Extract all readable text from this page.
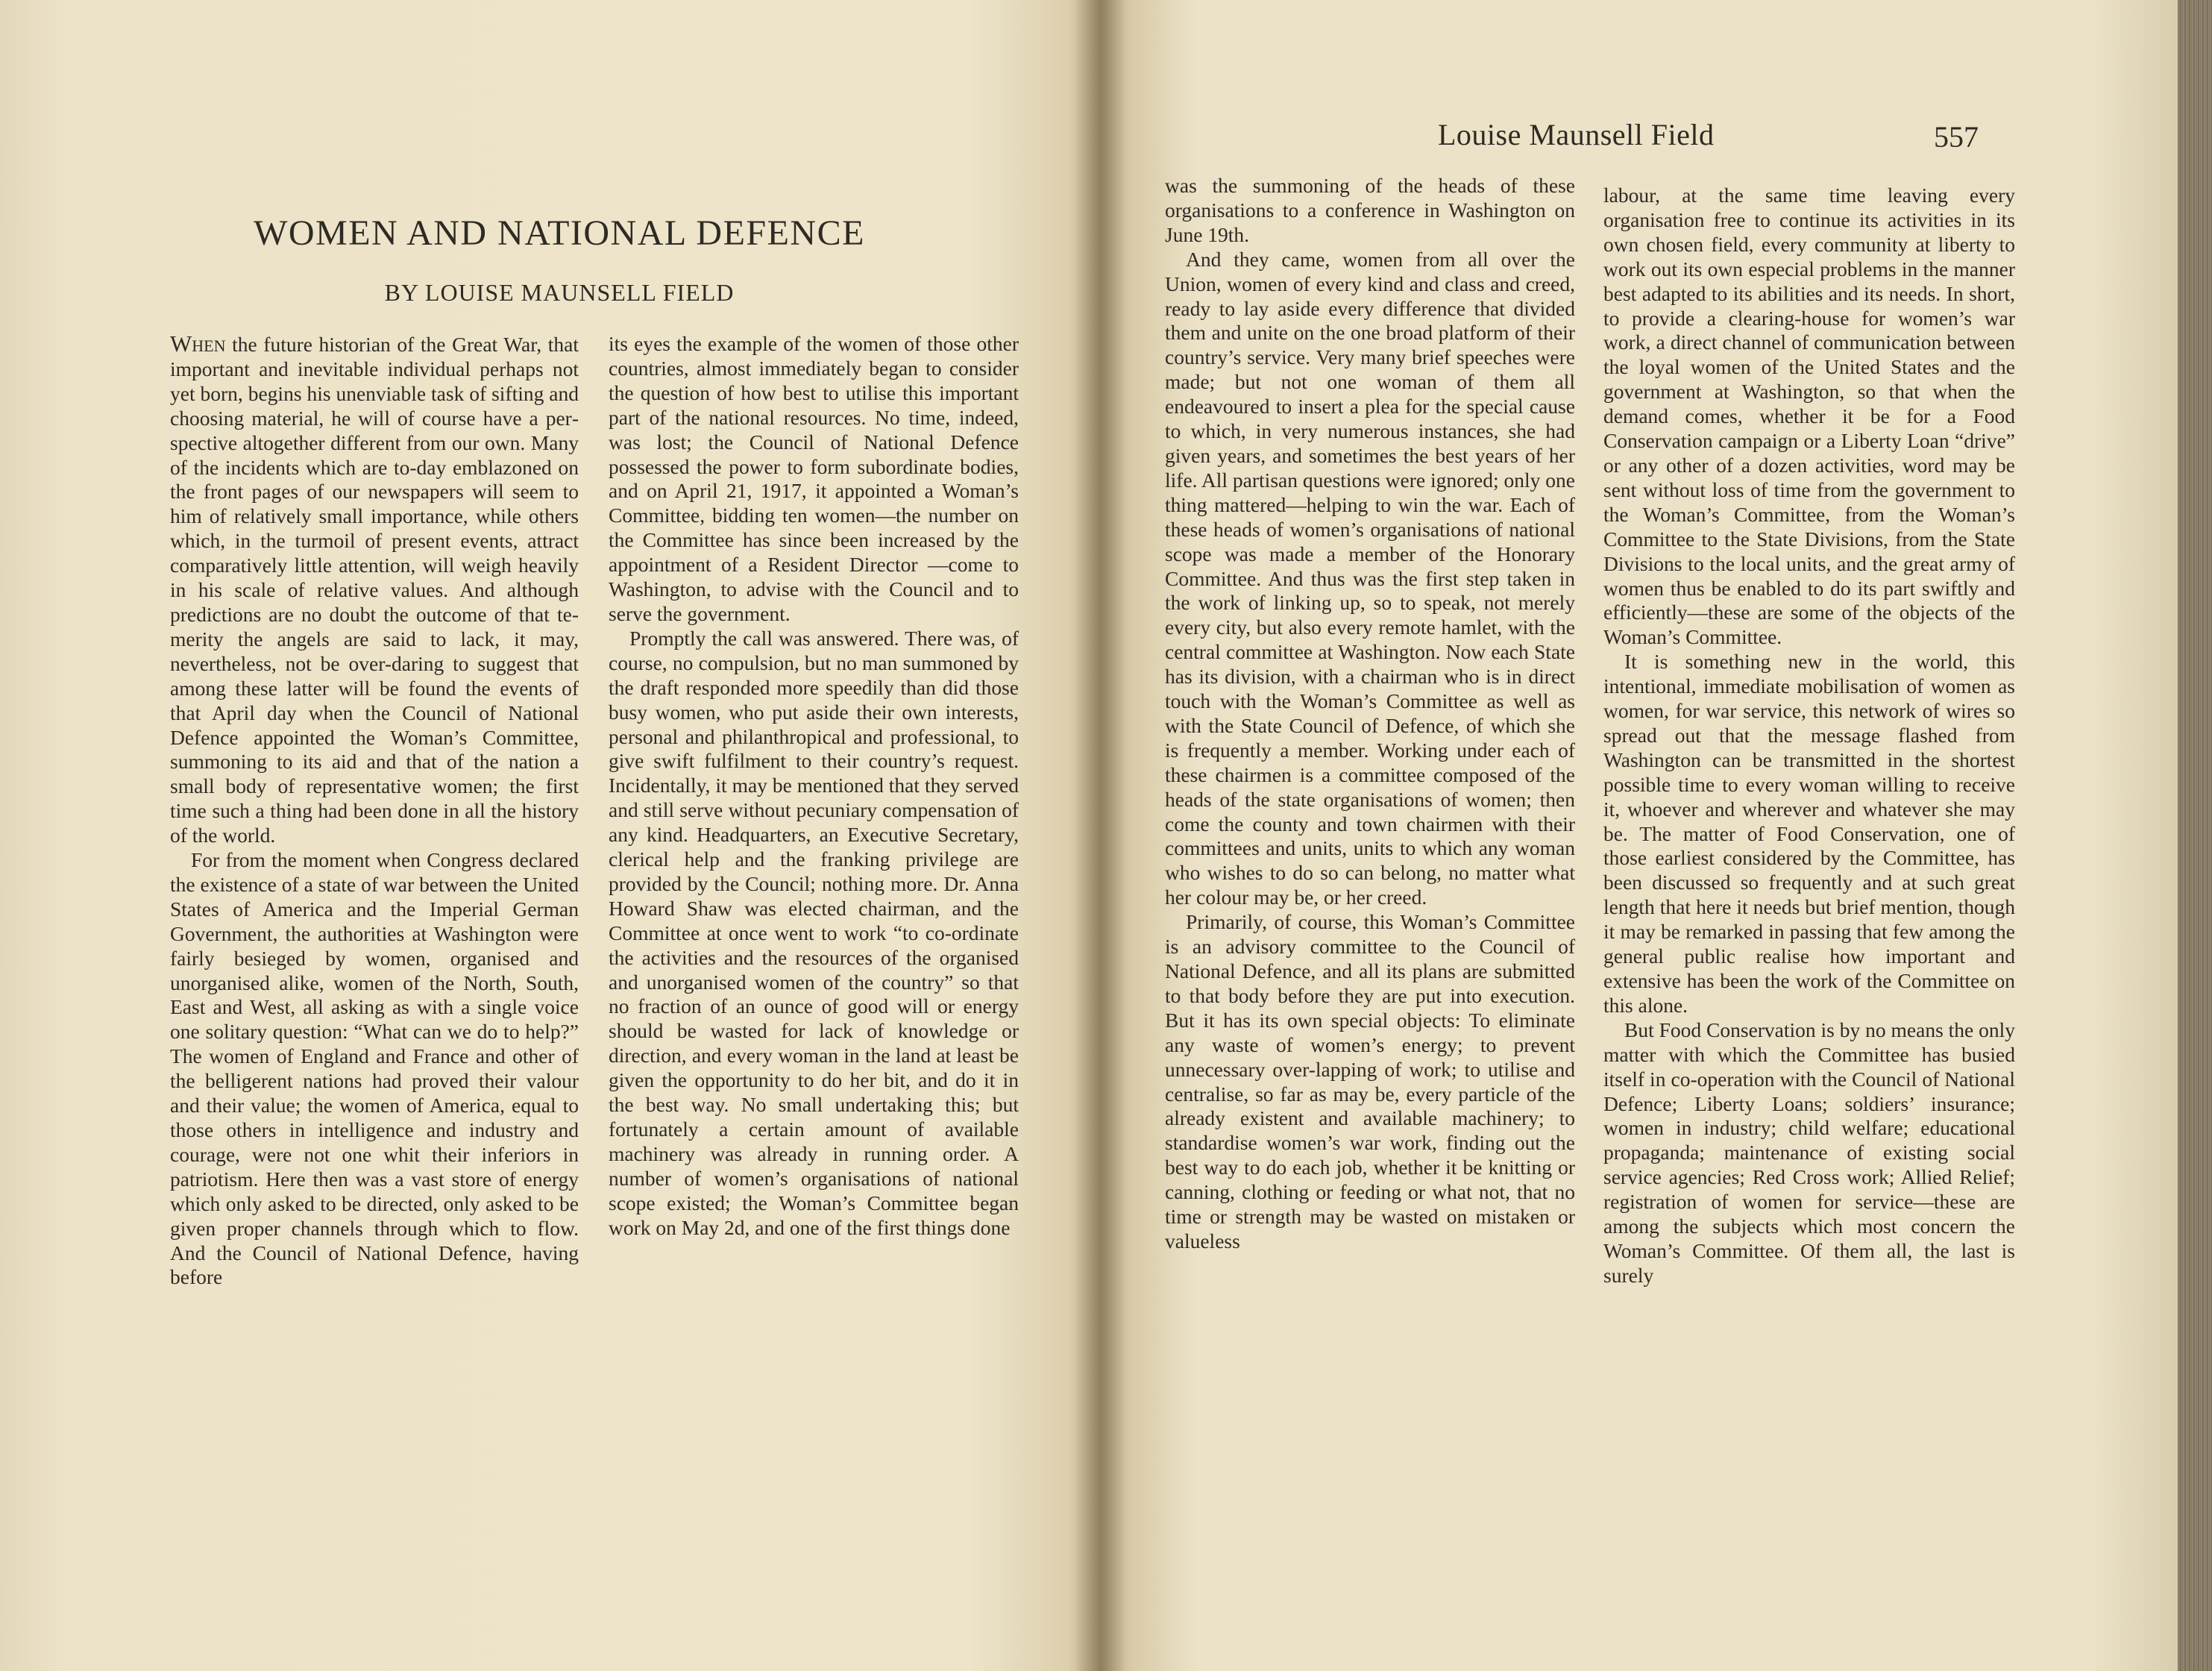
WOMEN AND NATIONAL DEFENCE
BY LOUISE MAUNSELL FIELD

When the future historian of the Great War, that important and inevitable individual perhaps not yet born, begins his unenviable task of sifting and choosing material, he will of course have a perspective altogether different from our own. Many of the incidents which are to-day emblazoned on the front pages of our newspapers will seem to him of relatively small importance, while others which, in the turmoil of present events, attract comparatively little attention, will weigh heavily in his scale of relative values. And although predictions are no doubt the outcome of that temerity the angels are said to lack, it may, nevertheless, not be over-daring to suggest that among these latter will be found the events of that April day when the Council of National Defence appointed the Woman’s Committee, summoning to its aid and that of the nation a small body of representative women; the first time such a thing had been done in all the history of the world.

For from the moment when Congress declared the existence of a state of war between the United States of America and the Imperial German Government, the authorities at Washington were fairly besieged by women, organised and unorganised alike, women of the North, South, East and West, all asking as with a single voice one solitary question: “What can we do to help?” The women of England and France and other of the belligerent nations had proved their valour and their value; the women of America, equal to those others in intelligence and industry and courage, were not one whit their inferiors in patriotism. Here then was a vast store of energy which only asked to be directed, only asked to be given proper channels through which to flow. And the Council of National Defence, having before

its eyes the example of the women of those other countries, almost immediately began to consider the question of how best to utilise this important part of the national resources. No time, indeed, was lost; the Council of National Defence possessed the power to form subordinate bodies, and on April 21, 1917, it appointed a Woman’s Committee, bidding ten women—the number on the Committee has since been increased by the appointment of a Resident Director —come to Washington, to advise with the Council and to serve the government.

Promptly the call was answered. There was, of course, no compulsion, but no man summoned by the draft responded more speedily than did those busy women, who put aside their own interests, personal and philanthropical and professional, to give swift fulfilment to their country’s request. Incidentally, it may be mentioned that they served and still serve without pecuniary compensation of any kind. Headquarters, an Executive Secretary, clerical help and the franking privilege are provided by the Council; nothing more. Dr. Anna Howard Shaw was elected chairman, and the Committee at once went to work “to co-ordinate the activities and the resources of the organised and unorganised women of the country” so that no fraction of an ounce of good will or energy should be wasted for lack of knowledge or direction, and every woman in the land at least be given the opportunity to do her bit, and do it in the best way. No small undertaking this; but fortunately a certain amount of available machinery was already in running order. A number of women’s organisations of national scope existed; the Woman’s Committee began work on May 2d, and one of the first things done

Louise Maunsell Field	557

was the summoning of the heads of these organisations to a conference in Washington on June 19th.

And they came, women from all over the Union, women of every kind and class and creed, ready to lay aside every difference that divided them and unite on the one broad platform of their country’s service. Very many brief speeches were made; but not one woman of them all endeavoured to insert a plea for the special cause to which, in very numerous instances, she had given years, and sometimes the best years of her life. All partisan questions were ignored; only one thing mattered—helping to win the war. Each of these heads of women’s organisations of national scope was made a member of the Honorary Committee. And thus was the first step taken in the work of linking up, so to speak, not merely every city, but also every remote hamlet, with the central committee at Washington. Now each State has its division, with a chairman who is in direct touch with the Woman’s Committee as well as with the State Council of Defence, of which she is frequently a member. Working under each of these chairmen is a committee composed of the heads of the state organisations of women; then come the county and town chairmen with their committees and units, units to which any woman who wishes to do so can belong, no matter what her colour may be, or her creed.

Primarily, of course, this Woman’s Committee is an advisory committee to the Council of National Defence, and all its plans are submitted to that body before they are put into execution. But it has its own special objects: To eliminate any waste of women’s energy; to prevent unnecessary over-lapping of work; to utilise and centralise, so far as may be, every particle of the already existent and available machinery; to standardise women’s war work, finding out the best way to do each job, whether it be knitting or canning, clothing or feeding or what not, that no time or strength may be wasted on mistaken or valueless

labour, at the same time leaving every organisation free to continue its activities in its own chosen field, every community at liberty to work out its own especial problems in the manner best adapted to its abilities and its needs. In short, to provide a clearing-house for women’s war work, a direct channel of communication between the loyal women of the United States and the government at Washington, so that when the demand comes, whether it be for a Food Conservation campaign or a Liberty Loan “drive” or any other of a dozen activities, word may be sent without loss of time from the government to the Woman’s Committee, from the Woman’s Committee to the State Divisions, from the State Divisions to the local units, and the great army of women thus be enabled to do its part swiftly and efficiently—these are some of the objects of the Woman’s Committee.

It is something new in the world, this intentional, immediate mobilisation of women as women, for war service, this network of wires so spread out that the message flashed from Washington can be transmitted in the shortest possible time to every woman willing to receive it, whoever and wherever and whatever she may be. The matter of Food Conservation, one of those earliest considered by the Committee, has been discussed so frequently and at such great length that here it needs but brief mention, though it may be remarked in passing that few among the general public realise how important and extensive has been the work of the Committee on this alone.

But Food Conservation is by no means the only matter with which the Committee has busied itself in co-operation with the Council of National Defence; Liberty Loans; soldiers’ insurance; women in industry; child welfare; educational propaganda; maintenance of existing social service agencies; Red Cross work; Allied Relief; registration of women for service—these are among the subjects which most concern the Woman’s Committee. Of them all, the last is surely
